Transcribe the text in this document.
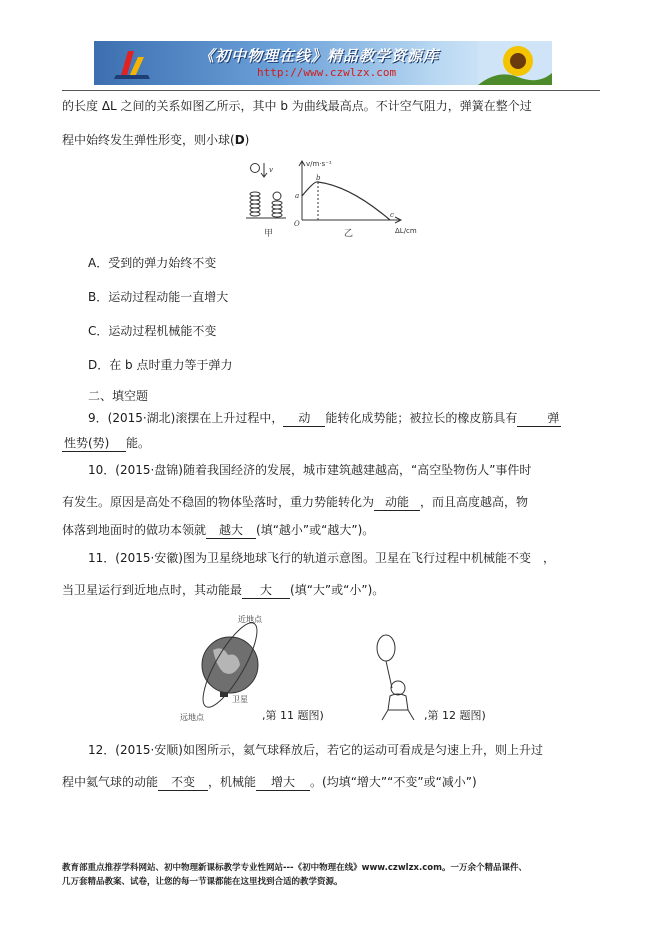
《初中物理在线》精品教学资源库
http://www.czwlzx.com
的长度 ΔL 之间的关系如图乙所示，其中 b 为曲线最高点。不计空气阻力，弹簧在整个过
程中始终发生弹性形变，则小球(D)
甲
v
v/m·s⁻¹
ΔL/cm
a
b
c
O
乙
A．受到的弹力始终不变
B．运动过程动能一直增大
C．运动过程机械能不变
D．在 b 点时重力等于弹力
二、填空题
9．(2015·湖北)滚摆在上升过程中， 动 能转化成势能；被拉长的橡皮筋具有 弹
性势(势) 能。
10．(2015·盘锦)随着我国经济的发展，城市建筑越建越高，“高空坠物伤人”事件时
有发生。原因是高处不稳固的物体坠落时，重力势能转化为 动能 ，而且高度越高，物
体落到地面时的做功本领就 越大 (填“越小”或“越大”)。
11．(2015·安徽)图为卫星绕地球飞行的轨道示意图。卫星在飞行过程中机械能不变　，
当卫星运行到近地点时，其动能最 大 (填“大”或“小”)。
近地点
远地点
卫星
,第 11 题图)	,第 12 题图)
12．(2015·安顺)如图所示，氦气球释放后，若它的运动可看成是匀速上升，则上升过
程中氦气球的动能 不变 ，机械能 增大 。(均填“增大”“不变”或“减小”)
教育部重点推荐学科网站、初中物理新课标教学专业性网站---《初中物理在线》www.czwlzx.com。一万余个精品课件、
几万套精品教案、试卷，让您的每一节课都能在这里找到合适的教学资源。
